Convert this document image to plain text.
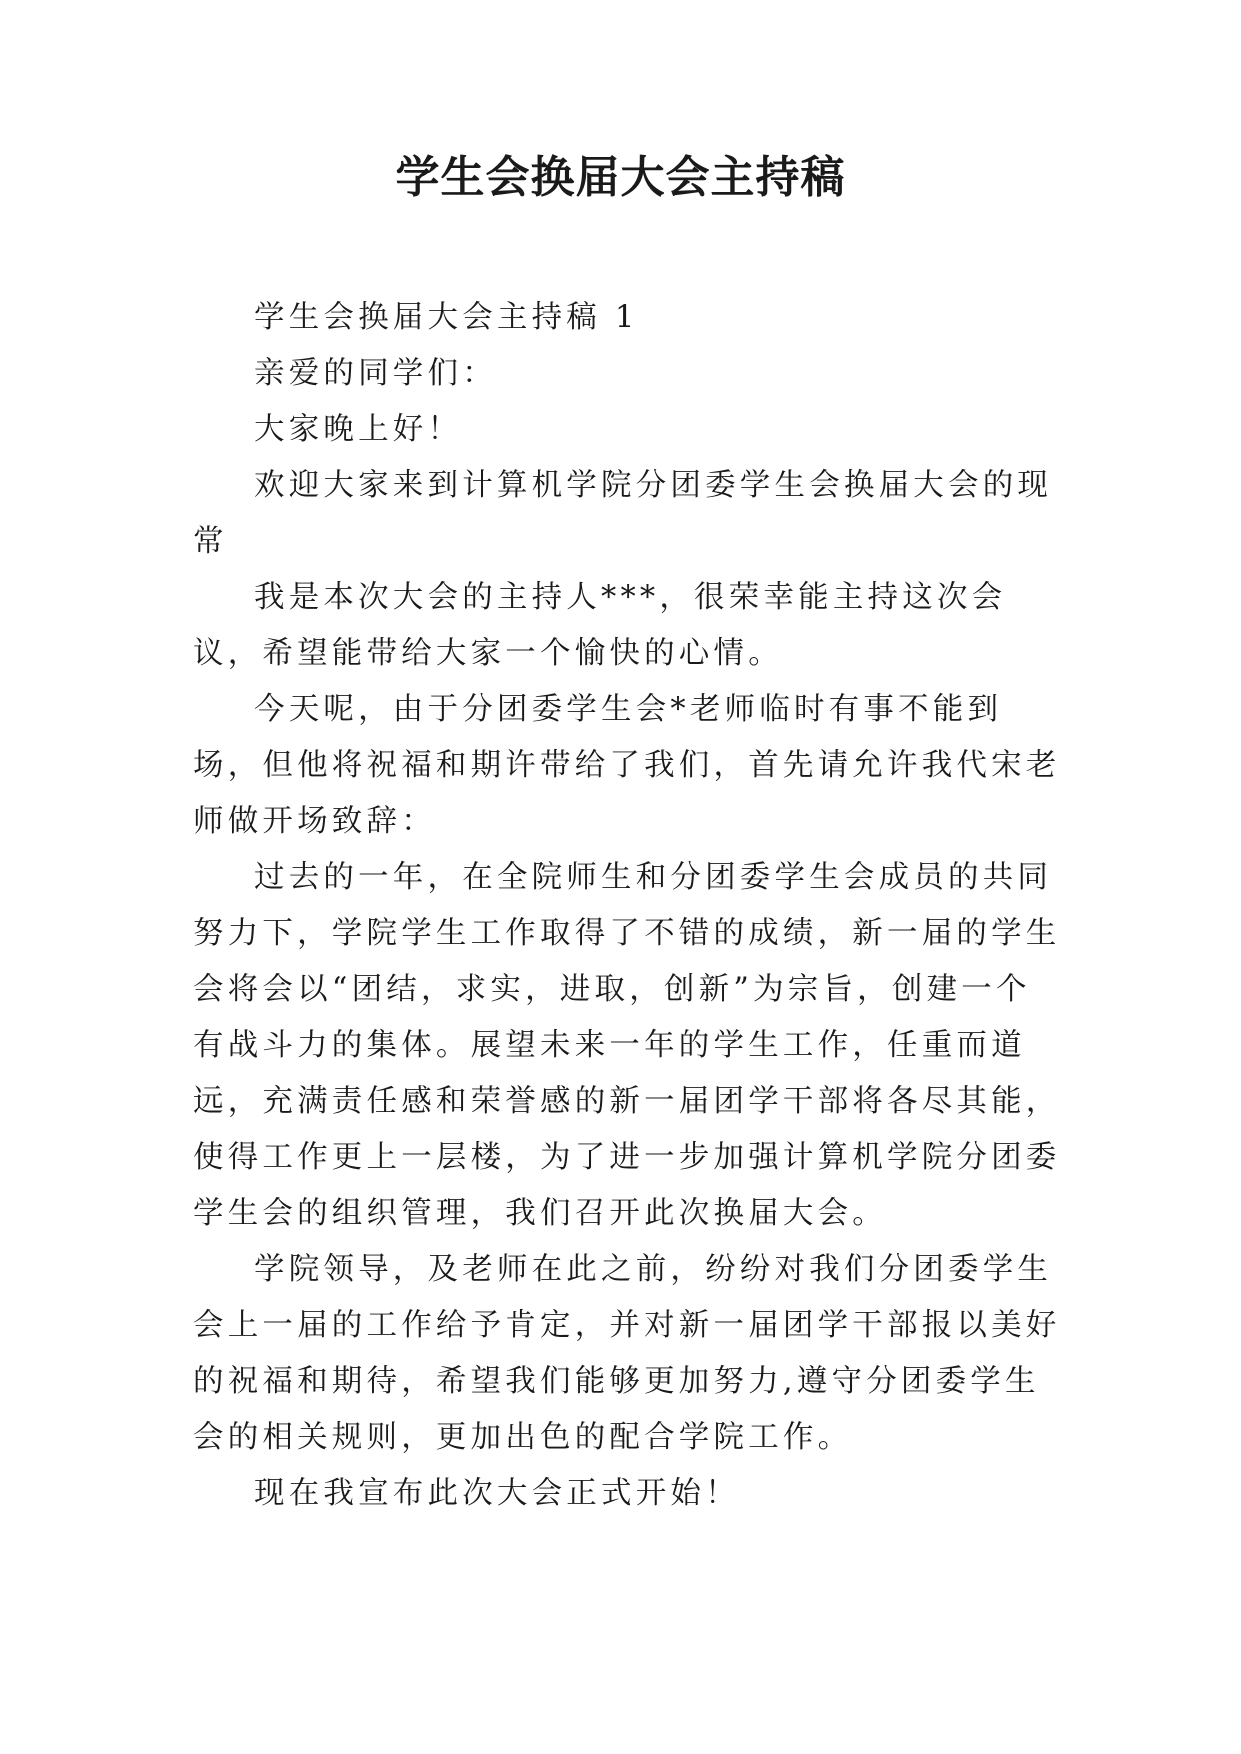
学生会换届大会主持稿

学生会换届大会主持稿 1

亲爱的同学们：

大家晚上好！

欢迎大家来到计算机学院分团委学生会换届大会的现常

我是本次大会的主持人***，很荣幸能主持这次会议，希望能带给大家一个愉快的心情。

今天呢，由于分团委学生会*老师临时有事不能到场，但他将祝福和期许带给了我们，首先请允许我代宋老师做开场致辞：

过去的一年，在全院师生和分团委学生会成员的共同努力下，学院学生工作取得了不错的成绩，新一届的学生会将会以“团结，求实，进取，创新”为宗旨，创建一个有战斗力的集体。展望未来一年的学生工作，任重而道远，充满责任感和荣誉感的新一届团学干部将各尽其能，使得工作更上一层楼，为了进一步加强计算机学院分团委学生会的组织管理，我们召开此次换届大会。

学院领导，及老师在此之前，纷纷对我们分团委学生会上一届的工作给予肯定，并对新一届团学干部报以美好的祝福和期待，希望我们能够更加努力,遵守分团委学生会的相关规则，更加出色的配合学院工作。

现在我宣布此次大会正式开始！
